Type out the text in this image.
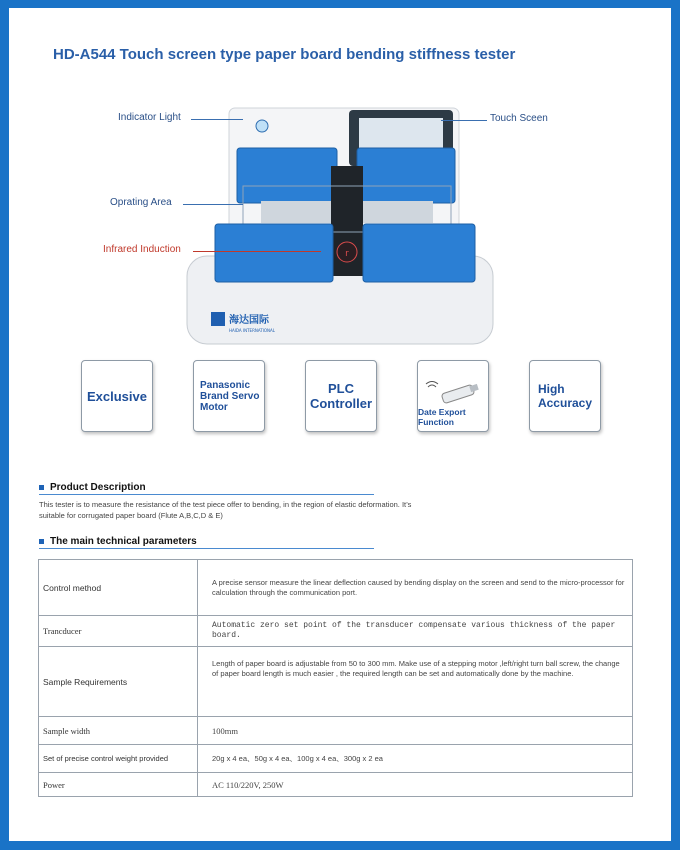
HD-A544 Touch screen type paper board bending stiffness tester
r
海达国际
HAIDA INTERNATIONAL
Indicator Light	Touch Sceen
Oprating Area
Infrared Induction
Exclusive
Panasonic
Brand Servo
Motor
PLC
Controller
Date Export
Function
High
Accuracy
Product Description
This tester is to measure the resistance of the test piece offer to bending, in the region of elastic deformation. It’s suitable for corrugated paper board (Flute A,B,C,D & E)
The main technical parameters
Control method	A precise sensor measure the linear deflection caused by bending display on the screen and send to the micro-processor for calculation through the communication port.
Trancducer	Automatic zero set point of the transducer compensate various thickness of the paper board.
Sample Requirements	Length of paper board is adjustable from 50 to 300 mm. Make use of a stepping motor ,left/right turn ball screw, the change of paper board length is much easier , the required length can be set and automatically done by the machine.
Sample width	100mm
Set of precise control weight provided	20g x 4 ea、50g x 4 ea、100g x 4 ea、300g x 2 ea
Power	AC 110/220V, 250W
